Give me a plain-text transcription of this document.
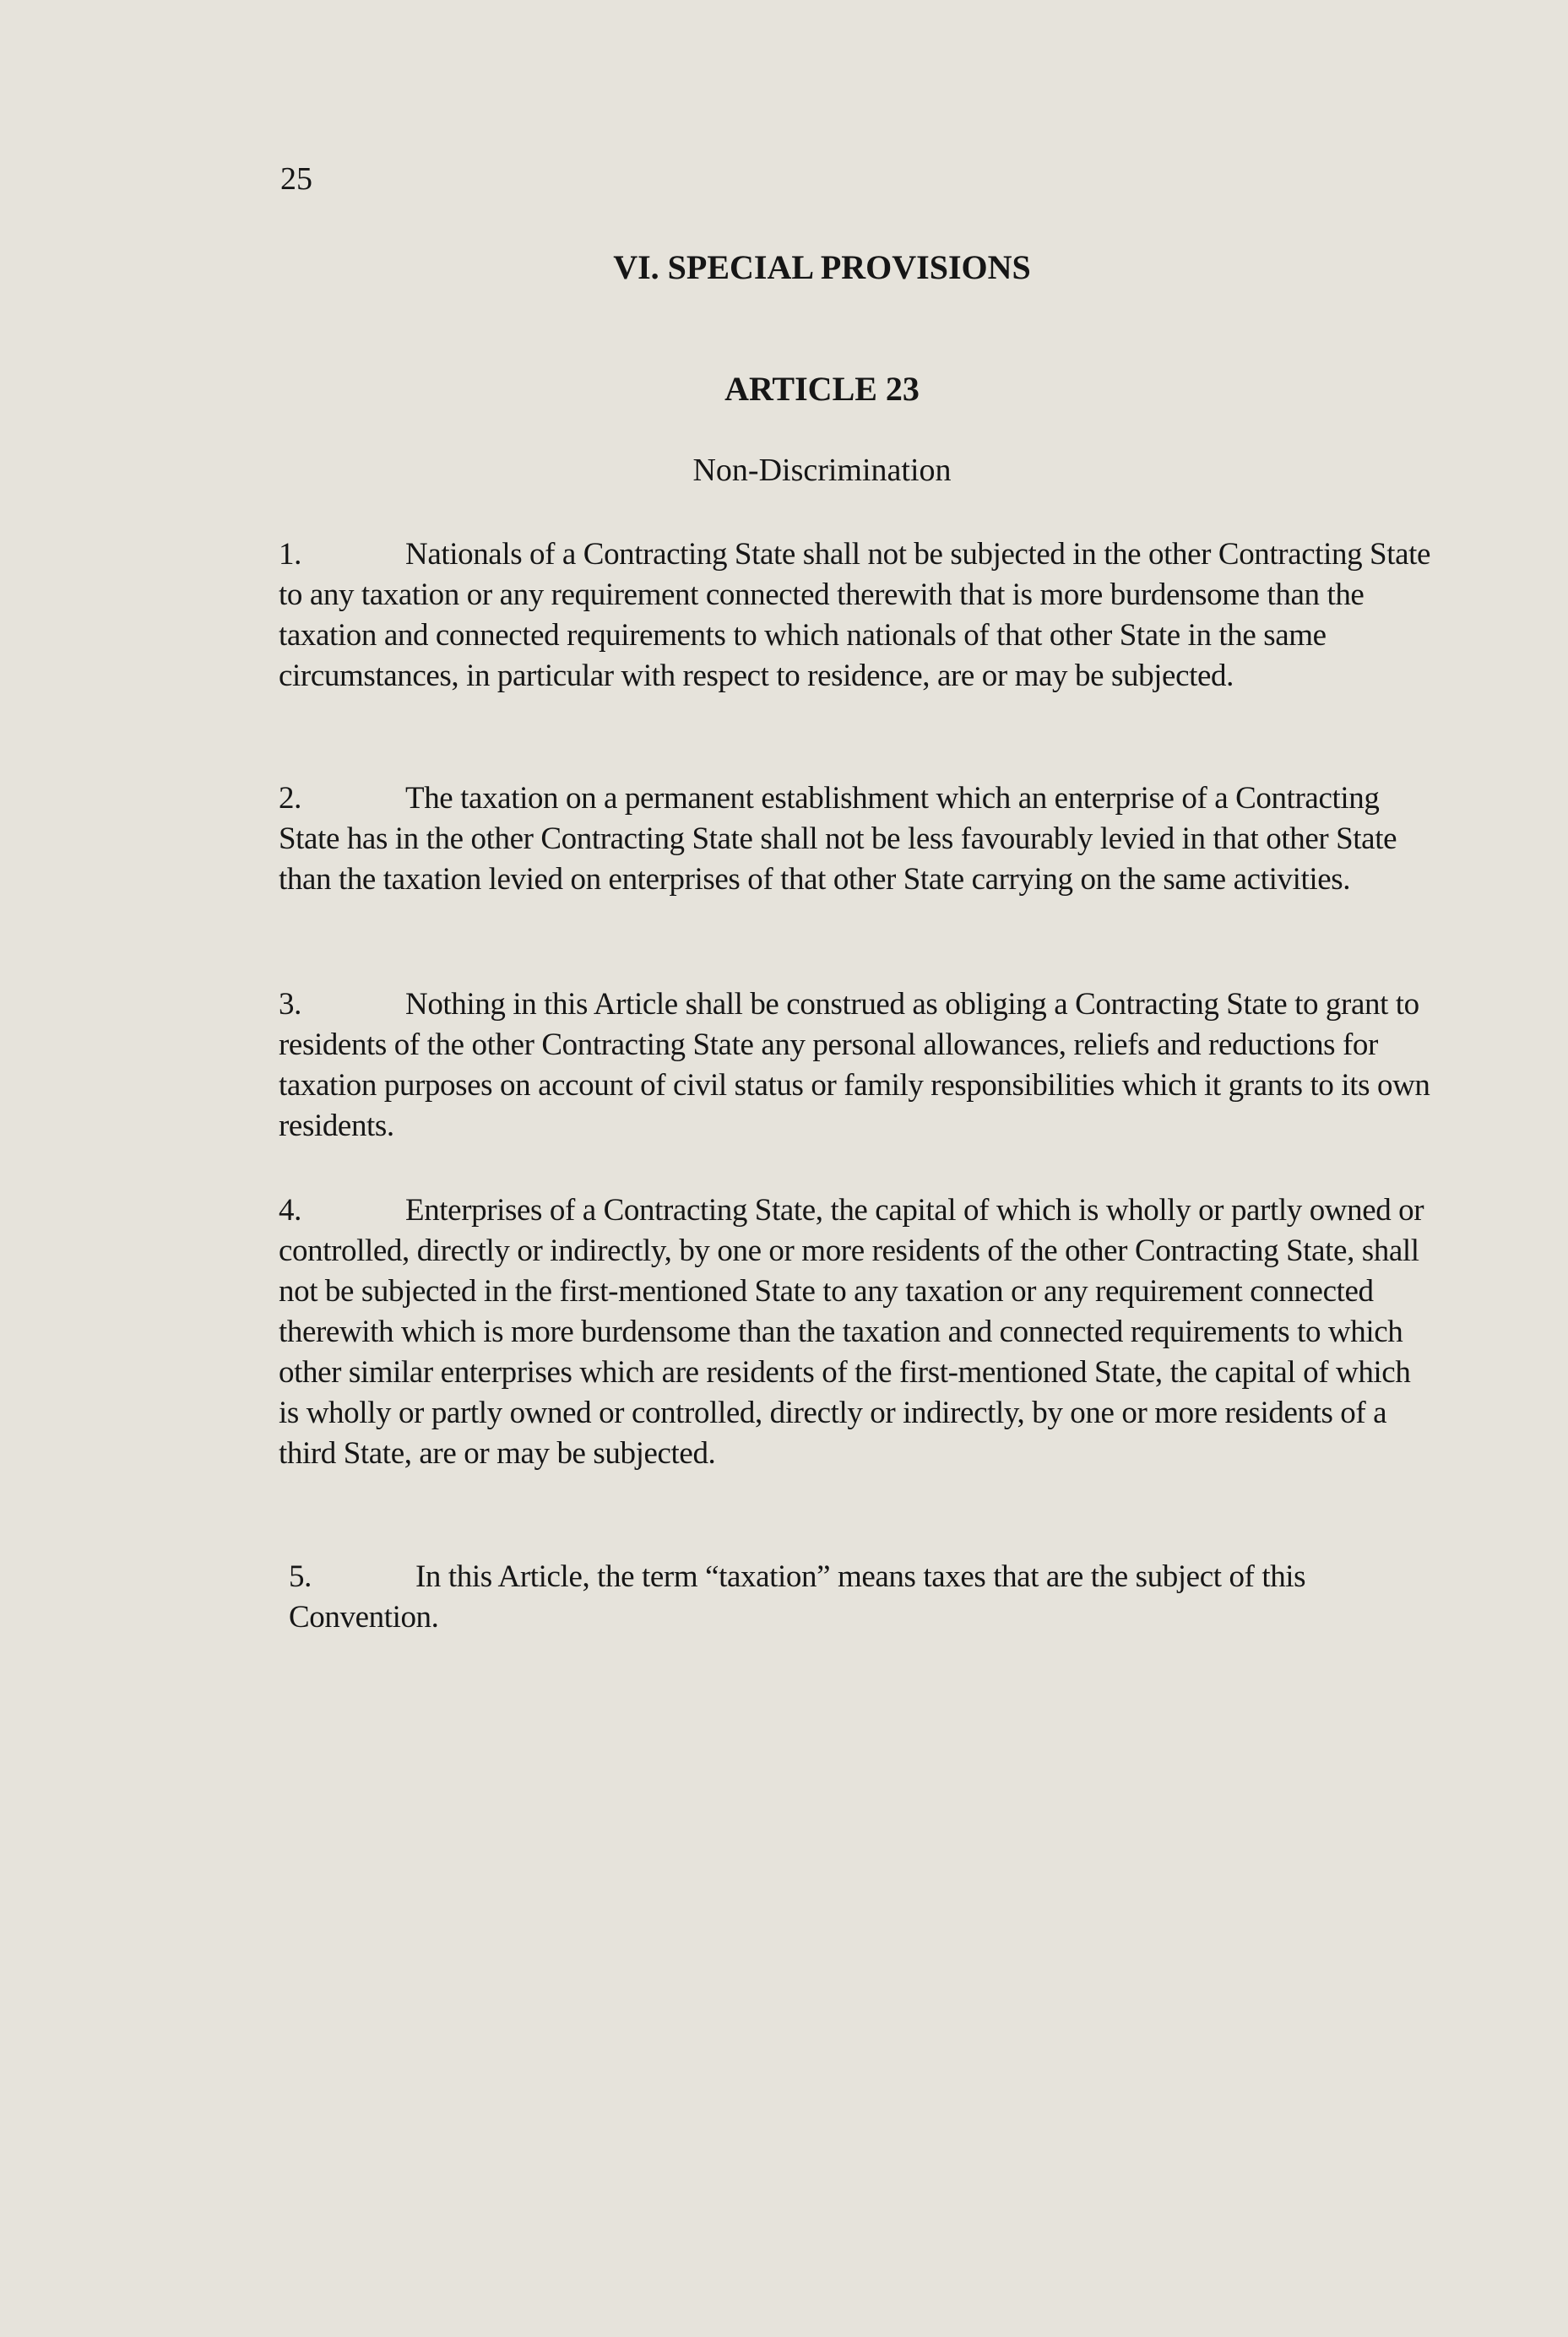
25
VI. SPECIAL PROVISIONS
ARTICLE 23
Non-Discrimination
1.	Nationals of a Contracting State shall not be subjected in the other Contracting State to any taxation or any requirement connected therewith that is more burdensome than the taxation and connected requirements to which nationals of that other State in the same circumstances, in particular with respect to residence, are or may be subjected.
2.	The taxation on a permanent establishment which an enterprise of a Contracting State has in the other Contracting State shall not be less favourably levied in that other State than the taxation levied on enterprises of that other State carrying on the same activities.
3.	Nothing in this Article shall be construed as obliging a Contracting State to grant to residents of the other Contracting State any personal allowances, reliefs and reductions for taxation purposes on account of civil status or family responsibilities which it grants to its own residents.
4.	Enterprises of a Contracting State, the capital of which is wholly or partly owned or controlled, directly or indirectly, by one or more residents of the other Contracting State, shall not be subjected in the first-mentioned State to any taxation or any requirement connected therewith which is more burdensome than the taxation and connected requirements to which other similar enterprises which are residents of the first-mentioned State, the capital of which is wholly or partly owned or controlled, directly or indirectly, by one or more residents of a third State, are or may be subjected.
5.	In this Article, the term “taxation” means taxes that are the subject of this Convention.
